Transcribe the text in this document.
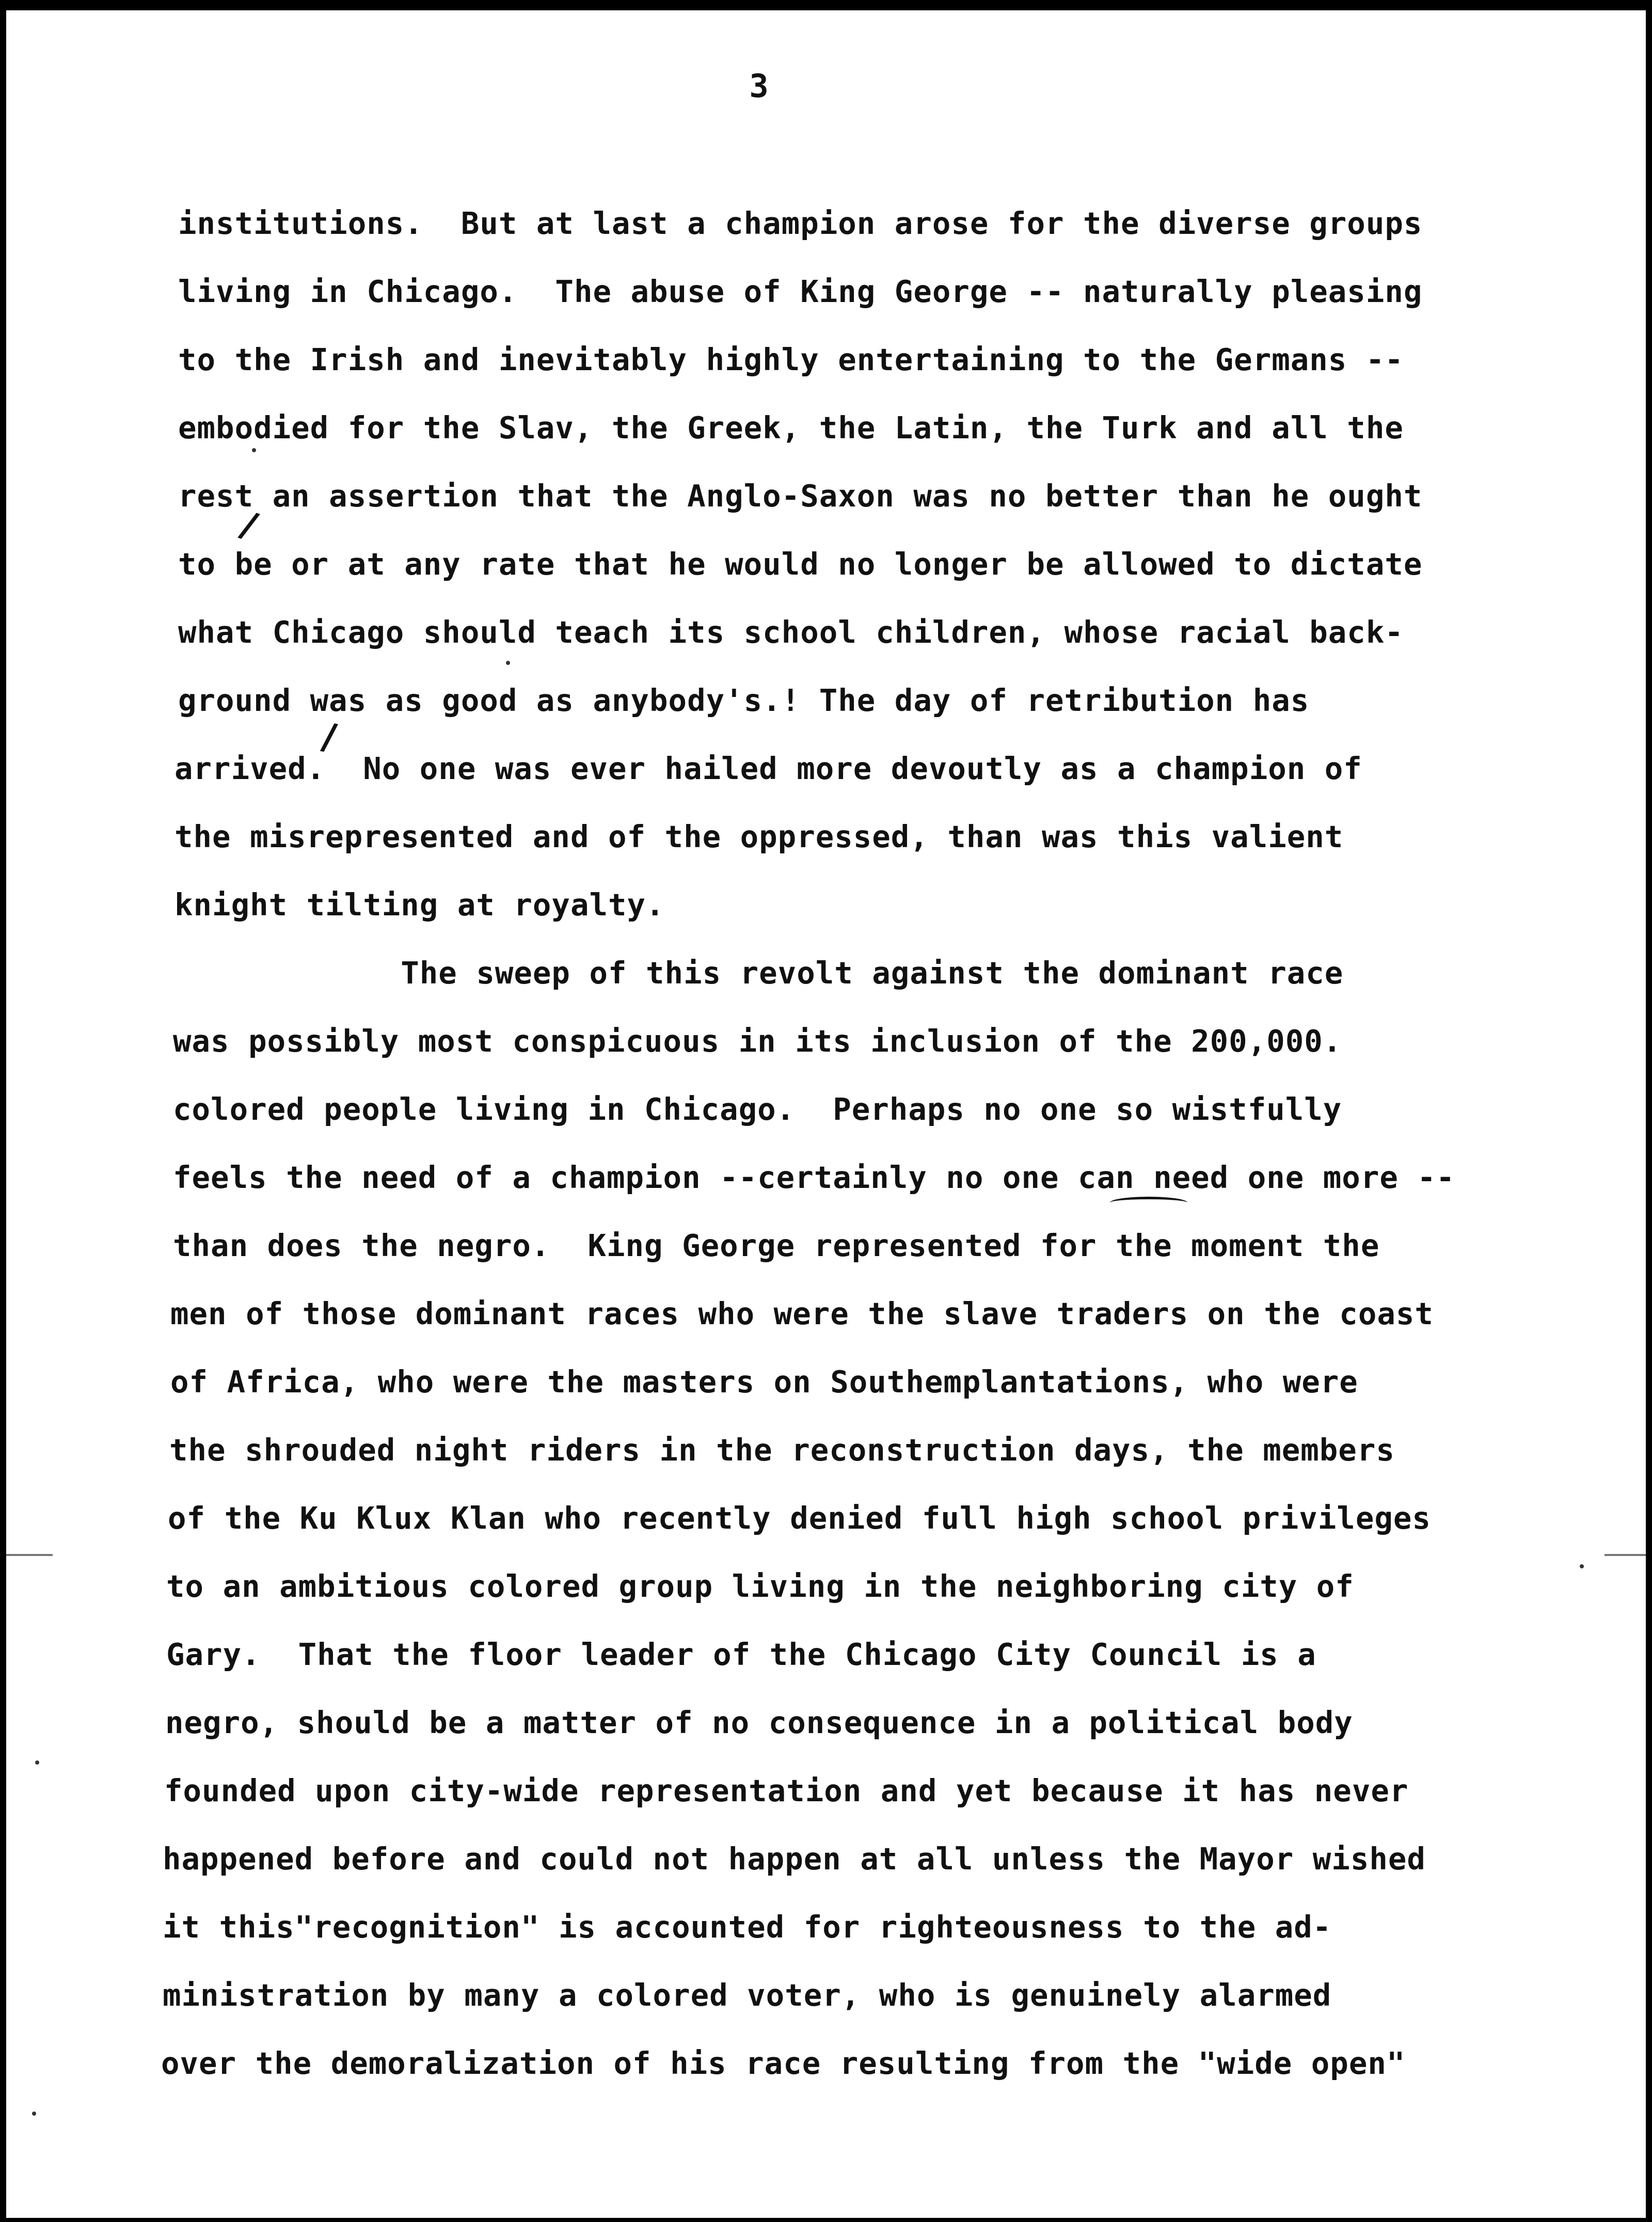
3

institutions.  But at last a champion arose for the diverse groups

living in Chicago.  The abuse of King George -- naturally pleasing

to the Irish and inevitably highly entertaining to the Germans --

embodied for the Slav, the Greek, the Latin, the Turk and all the

rest an assertion that the Anglo-Saxon was no better than he ought

to be or at any rate that he would no longer be allowed to dictate

what Chicago should teach its school children, whose racial back-

ground was as good as anybody's.! The day of retribution has

arrived.  No one was ever hailed more devoutly as a champion of

the misrepresented and of the oppressed, than was this valient

knight tilting at royalty.

The sweep of this revolt against the dominant race

was possibly most conspicuous in its inclusion of the 200,000.

colored people living in Chicago.  Perhaps no one so wistfully

feels the need of a champion --certainly no one can need one more --

than does the negro.  King George represented for the moment the

men of those dominant races who were the slave traders on the coast

of Africa, who were the masters on Southemplantations, who were

the shrouded night riders in the reconstruction days, the members

of the Ku Klux Klan who recently denied full high school privileges

to an ambitious colored group living in the neighboring city of

Gary.  That the floor leader of the Chicago City Council is a

negro, should be a matter of no consequence in a political body

founded upon city-wide representation and yet because it has never

happened before and could not happen at all unless the Mayor wished

it this"recognition" is accounted for righteousness to the ad-

ministration by many a colored voter, who is genuinely alarmed

over the demoralization of his race resulting from the "wide open"

/
/
